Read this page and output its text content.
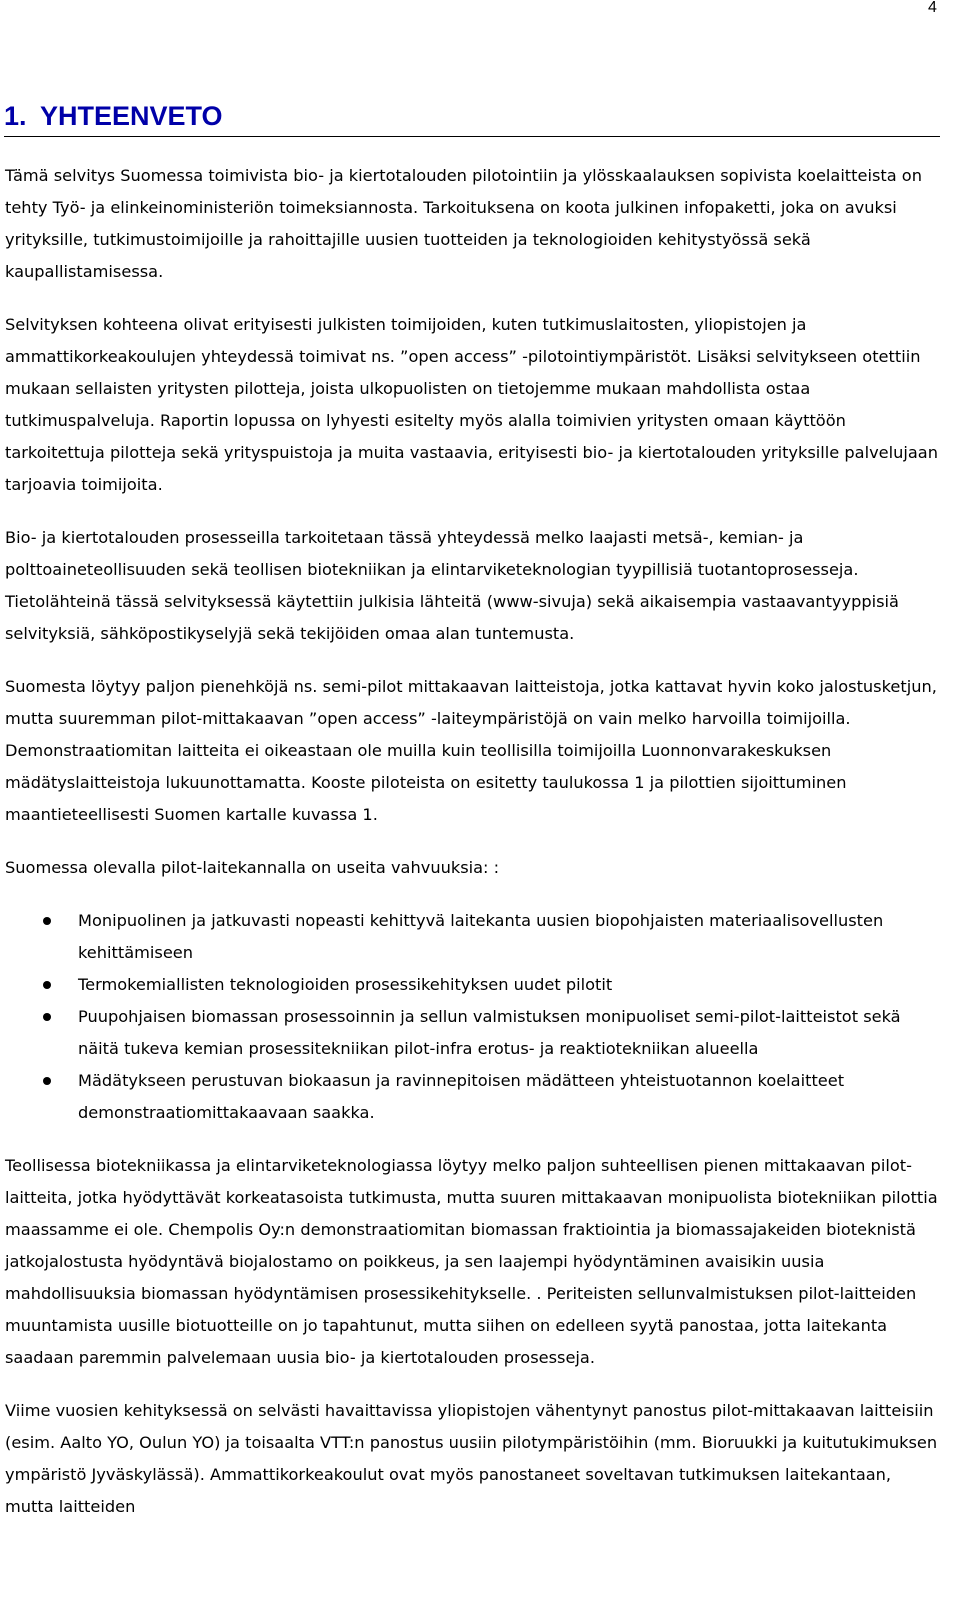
4
1. YHTEENVETO

Tämä selvitys Suomessa toimivista bio- ja kiertotalouden pilotointiin ja ylösskaalauksen sopivista koelaitteista on tehty Työ- ja elinkeinoministeriön toimeksiannosta. Tarkoituksena on koota julkinen infopaketti, joka on avuksi yrityksille, tutkimustoimijoille ja rahoittajille uusien tuotteiden ja teknologioiden kehitystyössä sekä kaupallistamisessa.

Selvityksen kohteena olivat erityisesti julkisten toimijoiden, kuten tutkimuslaitosten, yliopistojen ja ammattikorkeakoulujen yhteydessä toimivat ns. ”open access” -pilotointiympäristöt. Lisäksi selvitykseen otettiin mukaan sellaisten yritysten pilotteja, joista ulkopuolisten on tietojemme mukaan mahdollista ostaa tutkimuspalveluja. Raportin lopussa on lyhyesti esitelty myös alalla toimivien yritysten omaan käyttöön tarkoitettuja pilotteja sekä yrityspuistoja ja muita vastaavia, erityisesti bio- ja kiertotalouden yrityksille palvelujaan tarjoavia toimijoita.

Bio- ja kiertotalouden prosesseilla tarkoitetaan tässä yhteydessä melko laajasti metsä-, kemian- ja polttoaineteollisuuden sekä teollisen biotekniikan ja elintarviketeknologian tyypillisiä tuotantoprosesseja. Tietolähteinä tässä selvityksessä käytettiin julkisia lähteitä (www-sivuja) sekä aikaisempia vastaavantyyppisiä selvityksiä, sähköpostikyselyjä sekä tekijöiden omaa alan tuntemusta.

Suomesta löytyy paljon pienehköjä ns. semi-pilot mittakaavan laitteistoja, jotka kattavat hyvin koko jalostusketjun, mutta suuremman pilot-mittakaavan ”open access” -laiteympäristöjä on vain melko harvoilla toimijoilla. Demonstraatiomitan laitteita ei oikeastaan ole muilla kuin teollisilla toimijoilla Luonnonvarakeskuksen mädätyslaitteistoja lukuunottamatta. Kooste piloteista on esitetty taulukossa 1 ja pilottien sijoittuminen maantieteellisesti Suomen kartalle kuvassa 1.

Suomessa olevalla pilot-laitekannalla on useita vahvuuksia: :

Monipuolinen ja jatkuvasti nopeasti kehittyvä laitekanta uusien biopohjaisten materiaalisovellusten kehittämiseen
Termokemiallisten teknologioiden prosessikehityksen uudet pilotit
Puupohjaisen biomassan prosessoinnin ja sellun valmistuksen monipuoliset semi-pilot-laitteistot sekä näitä tukeva kemian prosessitekniikan pilot-infra erotus- ja reaktiotekniikan alueella
Mädätykseen perustuvan biokaasun ja ravinnepitoisen mädätteen yhteistuotannon koelaitteet demonstraatiomittakaavaan saakka.

Teollisessa biotekniikassa ja elintarviketeknologiassa löytyy melko paljon suhteellisen pienen mittakaavan pilot-laitteita, jotka hyödyttävät korkeatasoista tutkimusta, mutta suuren mittakaavan monipuolista biotekniikan pilottia maassamme ei ole. Chempolis Oy:n demonstraatiomitan biomassan fraktiointia ja biomassajakeiden bioteknistä jatkojalostusta hyödyntävä biojalostamo on poikkeus, ja sen laajempi hyödyntäminen avaisikin uusia mahdollisuuksia biomassan hyödyntämisen prosessikehitykselle. . Periteisten sellunvalmistuksen pilot-laitteiden muuntamista uusille biotuotteille on jo tapahtunut, mutta siihen on edelleen syytä panostaa, jotta laitekanta saadaan paremmin palvelemaan uusia bio- ja kiertotalouden prosesseja.

Viime vuosien kehityksessä on selvästi havaittavissa yliopistojen vähentynyt panostus pilot-mittakaavan laitteisiin (esim. Aalto YO, Oulun YO) ja toisaalta VTT:n panostus uusiin pilotympäristöihin (mm. Bioruukki ja kuitutukimuksen ympäristö Jyväskylässä). Ammattikorkeakoulut ovat myös panostaneet soveltavan tutkimuksen laitekantaan, mutta laitteiden
